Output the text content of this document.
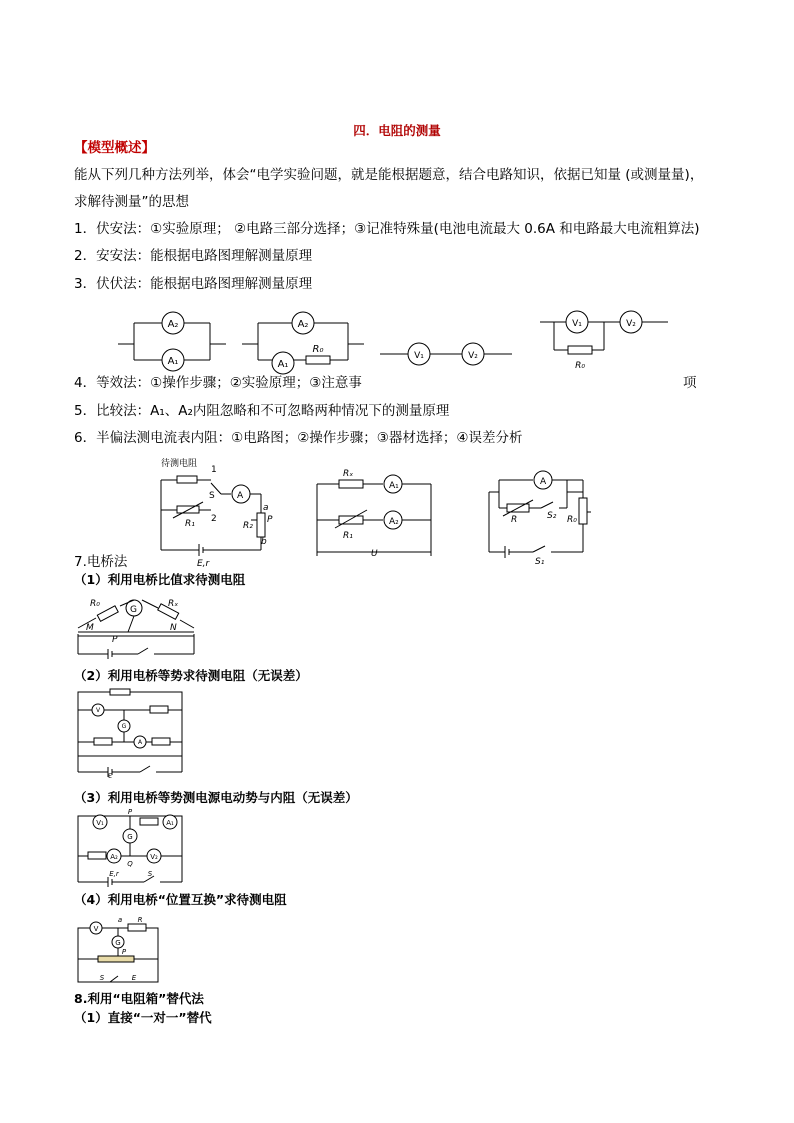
四．电阻的测量
【模型概述】
能从下列几种方法列举，体会“电学实验问题，就是能根据题意，结合电路知识，依据已知量 (或测量量)，
求解待测量”的思想
1．伏安法：①实验原理； ②电路三部分选择；③记准特殊量(电池电流最大 0.6A 和电路最大电流粗算法)
2．安安法：能根据电路图理解测量原理
3．伏伏法：能根据电路图理解测量原理
A₂
A₁
A₂
A₁
R₀
V₁	V₂
V₁	V₂
R₀
4．等效法：①操作步骤；②实验原理；③注意事	项
5．比较法：A₁、A₂内阻忽略和不可忽略两种情况下的测量原理
6．半偏法测电流表内阻：①电路图；②操作步骤；③器材选择；④误差分析
待测电阻
1
S A
2
R₁	R₂
a
P
b
E,r
Rₓ
A₁
A₂
R₁
U
A
R	S₂ R₀
S₁
7.电桥法
（1）利用电桥比值求待测电阻
R₀
G
Rₓ
M
P
N
（2）利用电桥等势求待测电阻（无误差）
V
G
A
E
（3）利用电桥等势测电源电动势与内阻（无误差）
V₁	A₁
G
A₂	V₂
P
Q
E,r	S
（4）利用电桥“位置互换”求待测电阻
V
G
a R
P
S	E
8.利用“电阻箱”替代法
（1）直接“一对一”替代
